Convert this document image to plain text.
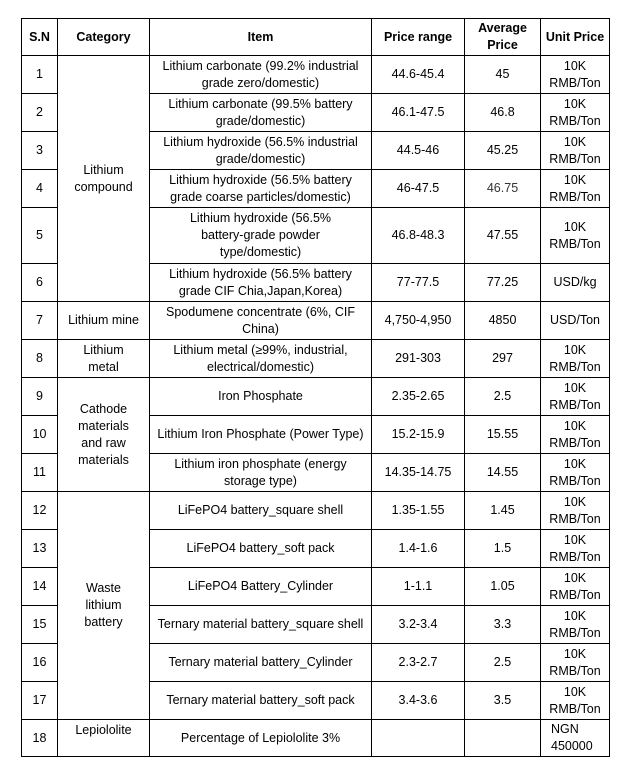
S.N	Category	Item	Price range	Average Price	Unit Price
1	Lithium compound	Lithium carbonate (99.2% industrial grade zero/domestic)	44.6-45.4	45	10K RMB/Ton
2		Lithium carbonate (99.5% battery grade/domestic)	46.1-47.5	46.8	10K RMB/Ton
3		Lithium hydroxide (56.5% industrial grade/domestic)	44.5-46	45.25	10K RMB/Ton
4		Lithium hydroxide (56.5% battery grade coarse particles/domestic)	46-47.5	46.75	10K RMB/Ton
5		Lithium hydroxide (56.5% battery-grade powder type/domestic)	46.8-48.3	47.55	10K RMB/Ton
6		Lithium hydroxide (56.5% battery grade CIF Chia,Japan,Korea)	77-77.5	77.25	USD/kg
7	Lithium mine	Spodumene concentrate (6%, CIF China)	4,750-4,950	4850	USD/Ton
8	Lithium metal	Lithium metal (≥99%, industrial, electrical/domestic)	291-303	297	10K RMB/Ton
9	Cathode materials and raw materials	Iron Phosphate	2.35-2.65	2.5	10K RMB/Ton
10		Lithium Iron Phosphate (Power Type)	15.2-15.9	15.55	10K RMB/Ton
11		Lithium iron phosphate (energy storage type)	14.35-14.75	14.55	10K RMB/Ton
12	Waste lithium battery	LiFePO4 battery_square shell	1.35-1.55	1.45	10K RMB/Ton
13		LiFePO4 battery_soft pack	1.4-1.6	1.5	10K RMB/Ton
14		LiFePO4 Battery_Cylinder	1-1.1	1.05	10K RMB/Ton
15		Ternary material battery_square shell	3.2-3.4	3.3	10K RMB/Ton
16		Ternary material battery_Cylinder	2.3-2.7	2.5	10K RMB/Ton
17		Ternary material battery_soft pack	3.4-3.6	3.5	10K RMB/Ton
18	Lepiololite	Percentage of Lepiololite 3%			NGN 450000
